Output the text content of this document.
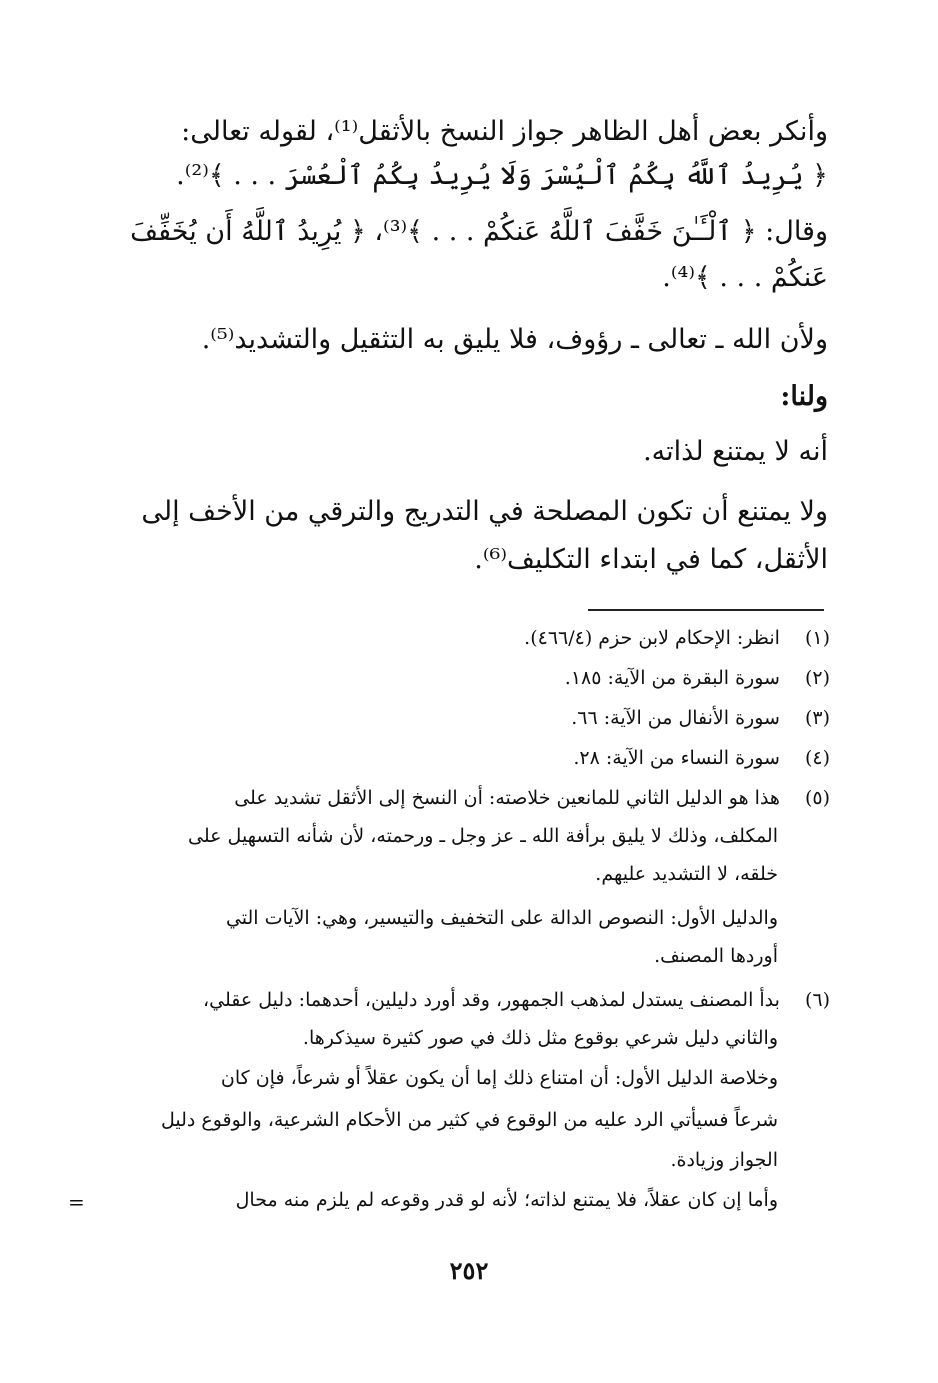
وأنكر بعض أهل الظاهر جواز النسخ بالأثقل⁽¹⁾، لقوله تعالى:
﴿ يُرِيدُ ٱللَّهُ بِكُمُ ٱلْيُسْرَ وَلَا يُرِيدُ بِكُمُ ٱلْعُسْرَ . . . ﴾⁽²⁾.
وقال: ﴿ ٱلْـَٔـٰنَ خَفَّفَ ٱللَّهُ عَنكُمْ . . . ﴾⁽³⁾، ﴿ يُرِيدُ ٱللَّهُ أَن يُخَفِّفَ
عَنكُمْ . . . ﴾⁽⁴⁾.
ولأن الله ـ تعالى ـ رؤوف، فلا يليق به التثقيل والتشديد⁽⁵⁾.
ولنا:
أنه لا يمتنع لذاته.
ولا يمتنع أن تكون المصلحة في التدريج والترقي من الأخف إلى
الأثقل، كما في ابتداء التكليف⁽⁶⁾.
(١) انظر: الإحكام لابن حزم (٤٦٦/٤).
(٢) سورة البقرة من الآية: ١٨٥.
(٣) سورة الأنفال من الآية: ٦٦.
(٤) سورة النساء من الآية: ٢٨.
(٥) هذا هو الدليل الثاني للمانعين خلاصته: أن النسخ إلى الأثقل تشديد على
المكلف، وذلك لا يليق برأفة الله ـ عز وجل ـ ورحمته، لأن شأنه التسهيل على
خلقه، لا التشديد عليهم.
والدليل الأول: النصوص الدالة على التخفيف والتيسير، وهي: الآيات التي
أوردها المصنف.
(٦) بدأ المصنف يستدل لمذهب الجمهور، وقد أورد دليلين، أحدهما: دليل عقلي،
والثاني دليل شرعي بوقوع مثل ذلك في صور كثيرة سيذكرها.
وخلاصة الدليل الأول: أن امتناع ذلك إما أن يكون عقلاً أو شرعاً، فإن كان
شرعاً فسيأتي الرد عليه من الوقوع في كثير من الأحكام الشرعية، والوقوع دليل
الجواز وزيادة.
وأما إن كان عقلاً، فلا يمتنع لذاته؛ لأنه لو قدر وقوعه لم يلزم منه محال
=
٢٥٢
